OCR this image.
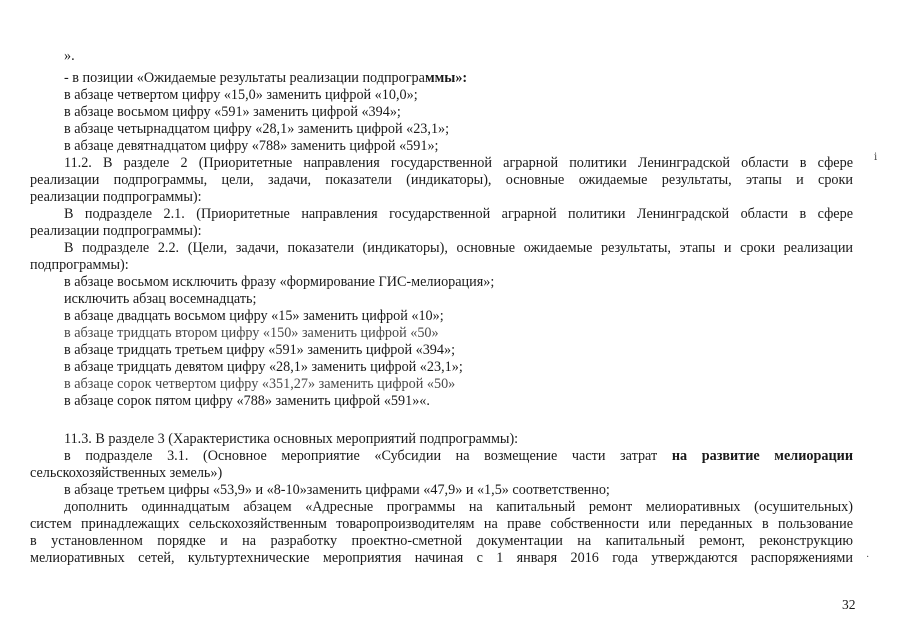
».
- в позиции «Ожидаемые результаты реализации подпрограммы»:
в абзаце четвертом цифру «15,0» заменить цифрой «10,0»;
в абзаце восьмом цифру «591» заменить цифрой «394»;
в абзаце четырнадцатом цифру «28,1» заменить цифрой «23,1»;
в абзаце девятнадцатом цифру «788» заменить цифрой «591»;
11.2. В разделе 2 (Приоритетные направления государственной аграрной политики Ленинградской области в сфере
реализации подпрограммы, цели, задачи, показатели (индикаторы), основные ожидаемые результаты, этапы и сроки
реализации подпрограммы):
В подразделе 2.1. (Приоритетные направления государственной аграрной политики Ленинградской области в сфере
реализации подпрограммы):
В подразделе 2.2. (Цели, задачи, показатели (индикаторы), основные ожидаемые результаты, этапы и сроки реализации
подпрограммы):
в абзаце восьмом исключить фразу «формирование ГИС-мелиорация»;
исключить абзац восемнадцать;
в абзаце двадцать восьмом цифру «15» заменить цифрой «10»;
в абзаце тридцать втором цифру «150» заменить цифрой «50»
в абзаце тридцать третьем цифру «591» заменить цифрой «394»;
в абзаце тридцать девятом цифру «28,1» заменить цифрой «23,1»;
в абзаце сорок четвертом цифру «351,27» заменить цифрой «50»
в абзаце сорок пятом цифру «788» заменить цифрой «591»«.
11.3. В разделе 3 (Характеристика основных мероприятий подпрограммы):
в подразделе 3.1. (Основное мероприятие «Субсидии на возмещение части затрат на развитие мелиорации
сельскохозяйственных земель»)
в абзаце третьем цифры «53,9» и «8-10»заменить цифрами «47,9» и «1,5» соответственно;
дополнить одиннадцатым абзацем «Адресные программы на капитальный ремонт мелиоративных (осушительных)
систем принадлежащих сельскохозяйственным товаропроизводителям на праве собственности или переданных в пользование
в установленном порядке и на разработку проектно-сметной документации на капитальный ремонт, реконструкцию
мелиоративных сетей, культуртехнические мероприятия начиная с 1 января 2016 года утверждаются распоряжениями
ⅰ
·
32
